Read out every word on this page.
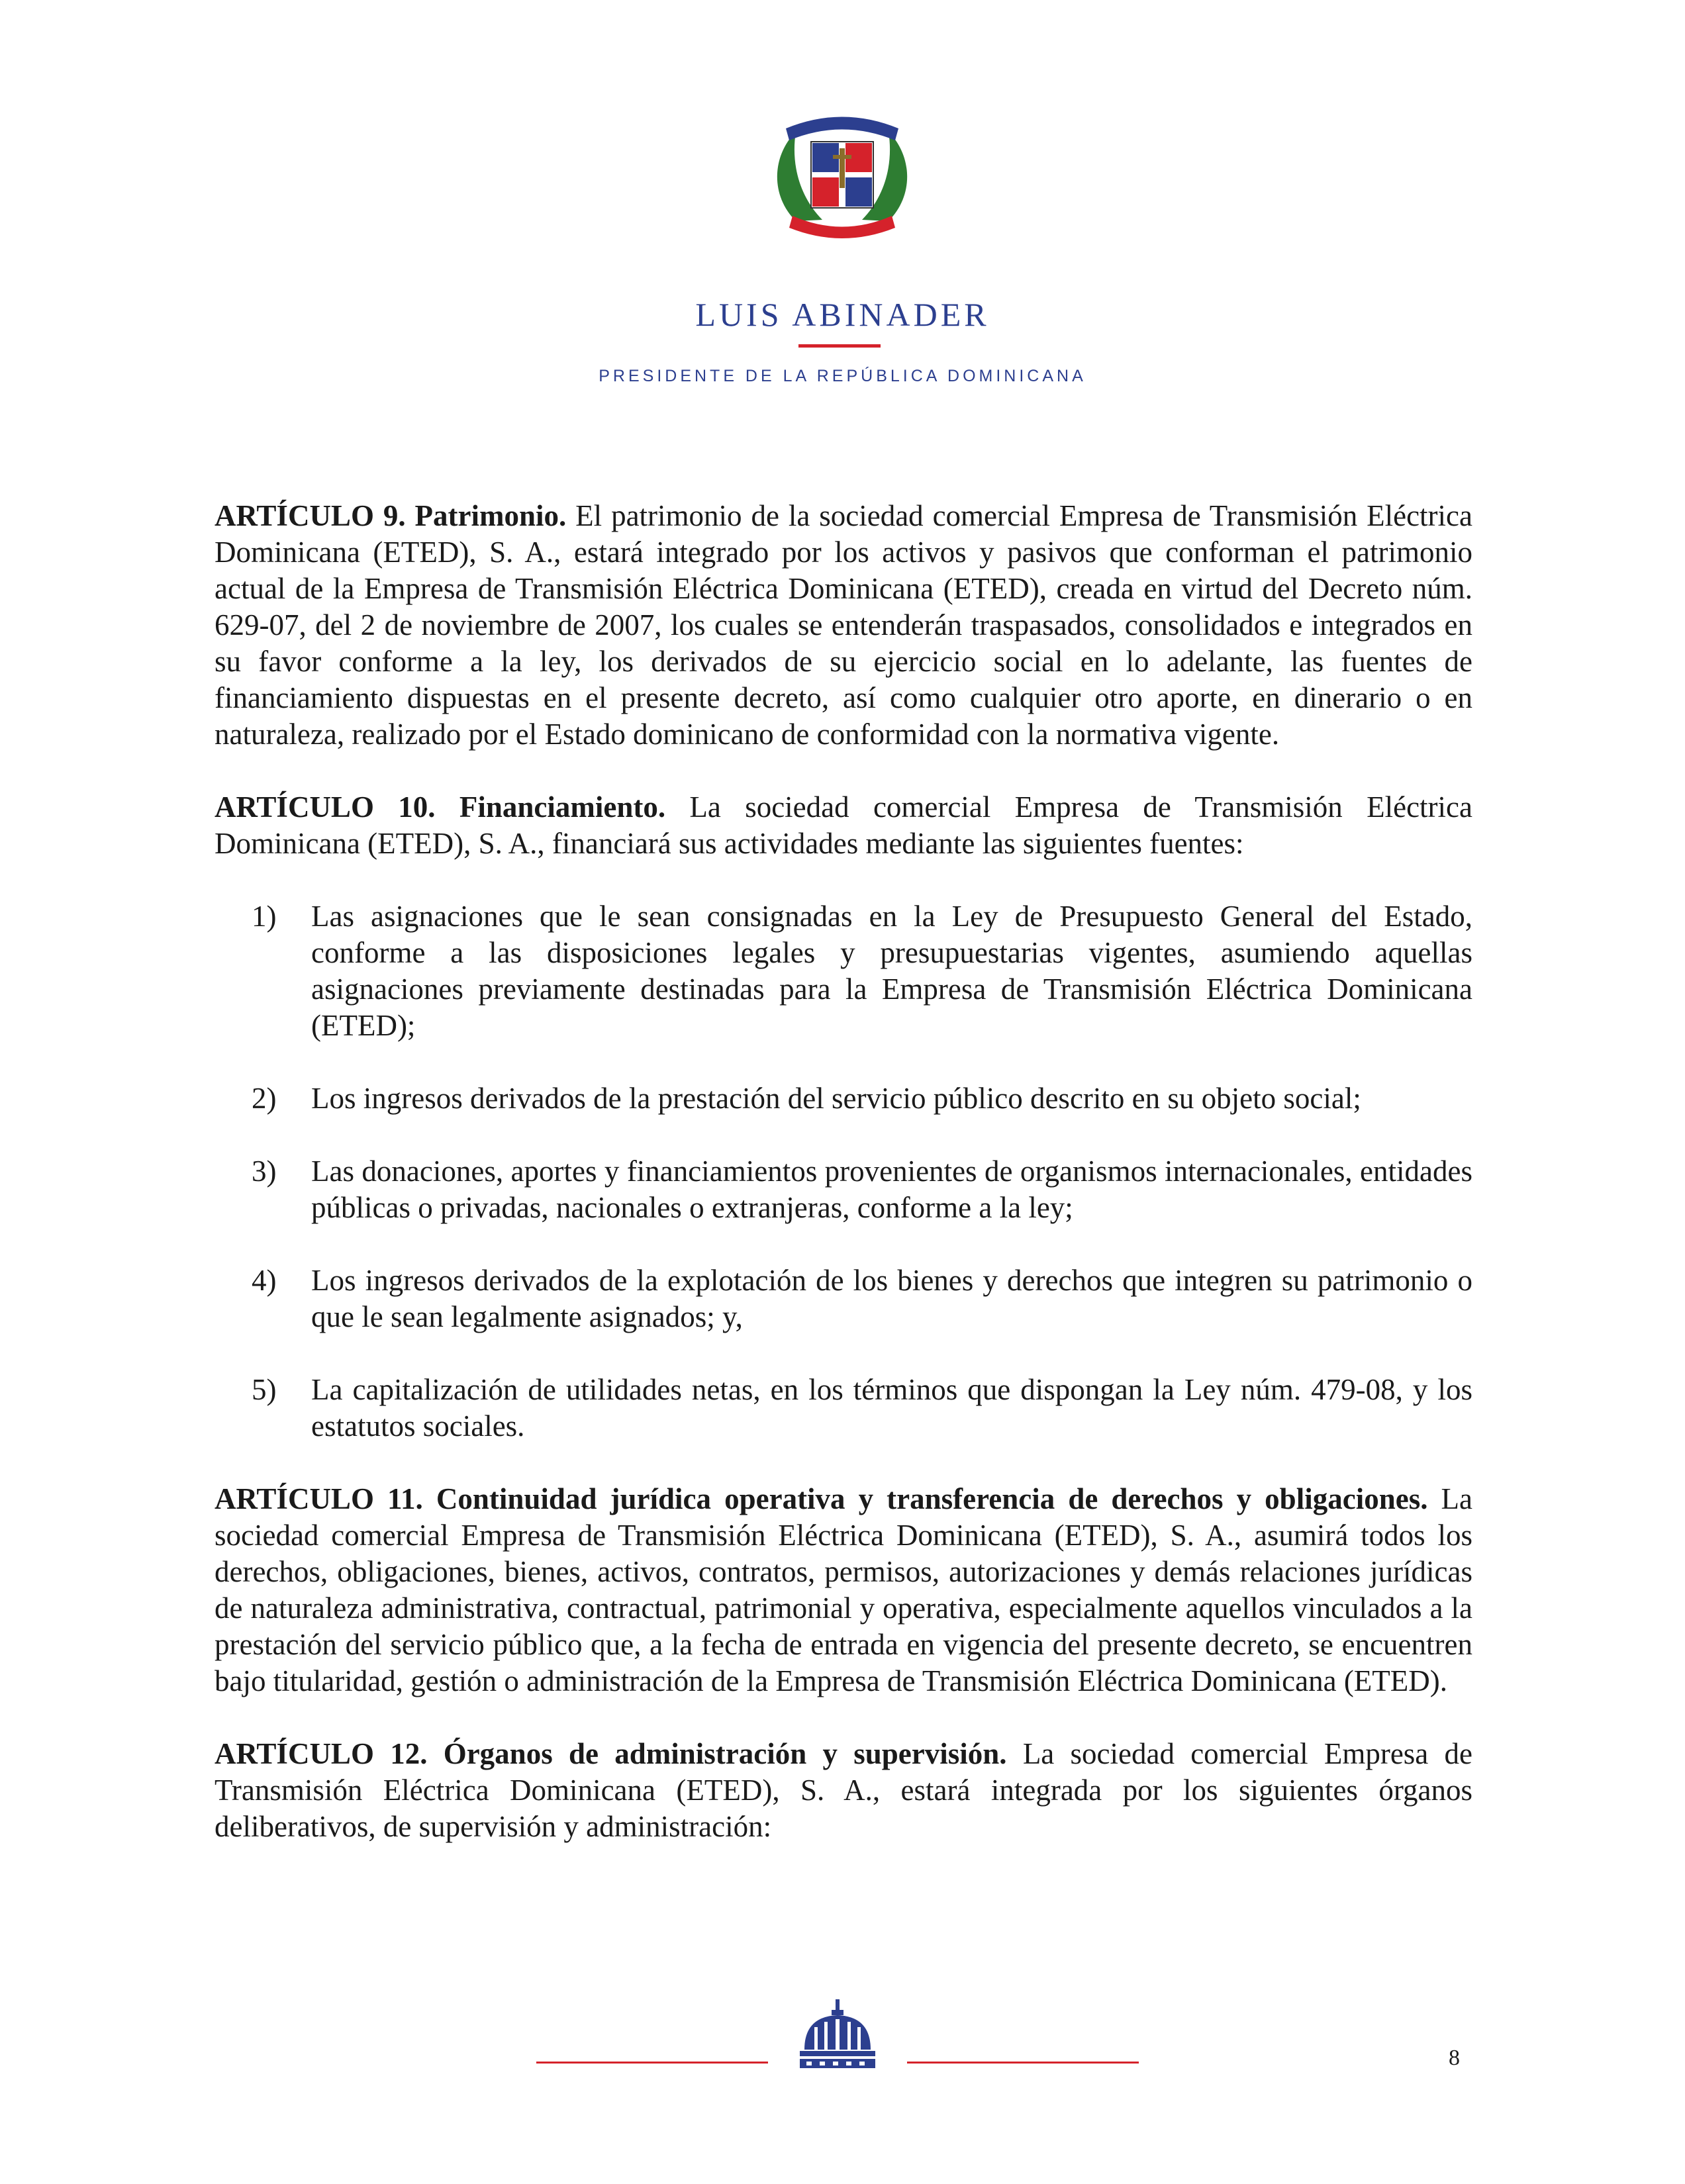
LUIS ABINADER
PRESIDENTE DE LA REPÚBLICA DOMINICANA

ARTÍCULO 9. Patrimonio. El patrimonio de la sociedad comercial Empresa de Transmisión Eléctrica Dominicana (ETED), S. A., estará integrado por los activos y pasivos que conforman el patrimonio actual de la Empresa de Transmisión Eléctrica Dominicana (ETED), creada en virtud del Decreto núm. 629-07, del 2 de noviembre de 2007, los cuales se entenderán traspasados, consolidados e integrados en su favor conforme a la ley, los derivados de su ejercicio social en lo adelante, las fuentes de financiamiento dispuestas en el presente decreto, así como cualquier otro aporte, en dinerario o en naturaleza, realizado por el Estado dominicano de conformidad con la normativa vigente.

ARTÍCULO 10. Financiamiento. La sociedad comercial Empresa de Transmisión Eléctrica Dominicana (ETED), S. A., financiará sus actividades mediante las siguientes fuentes:

1)	Las asignaciones que le sean consignadas en la Ley de Presupuesto General del Estado, conforme a las disposiciones legales y presupuestarias vigentes, asumiendo aquellas asignaciones previamente destinadas para la Empresa de Transmisión Eléctrica Dominicana (ETED);
2)	Los ingresos derivados de la prestación del servicio público descrito en su objeto social;
3)	Las donaciones, aportes y financiamientos provenientes de organismos internacionales, entidades públicas o privadas, nacionales o extranjeras, conforme a la ley;
4)	Los ingresos derivados de la explotación de los bienes y derechos que integren su patrimonio o que le sean legalmente asignados; y,
5)	La capitalización de utilidades netas, en los términos que dispongan la Ley núm. 479-08, y los estatutos sociales.

ARTÍCULO 11. Continuidad jurídica operativa y transferencia de derechos y obligaciones. La sociedad comercial Empresa de Transmisión Eléctrica Dominicana (ETED), S. A., asumirá todos los derechos, obligaciones, bienes, activos, contratos, permisos, autorizaciones y demás relaciones jurídicas de naturaleza administrativa, contractual, patrimonial y operativa, especialmente aquellos vinculados a la prestación del servicio público que, a la fecha de entrada en vigencia del presente decreto, se encuentren bajo titularidad, gestión o administración de la Empresa de Transmisión Eléctrica Dominicana (ETED).

ARTÍCULO 12. Órganos de administración y supervisión. La sociedad comercial Empresa de Transmisión Eléctrica Dominicana (ETED), S. A., estará integrada por los siguientes órganos deliberativos, de supervisión y administración:

8
